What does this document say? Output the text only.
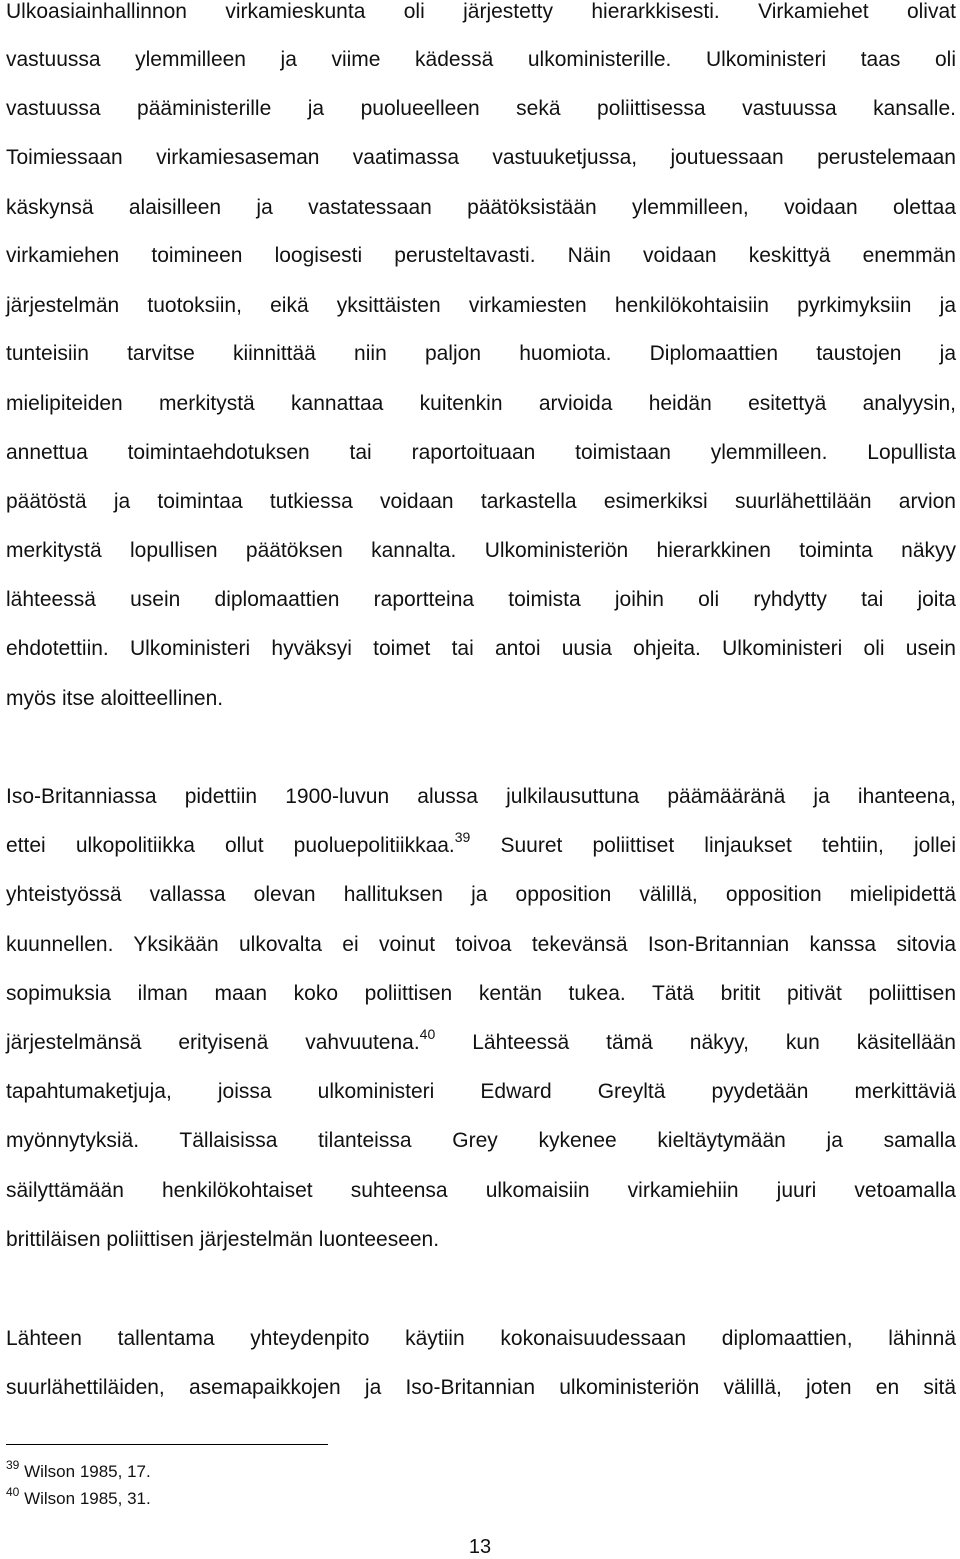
Ulkoasiainhallinnon virkamieskunta oli järjestetty hierarkkisesti. Virkamiehet olivat
vastuussa ylemmilleen ja viime kädessä ulkoministerille. Ulkoministeri taas oli
vastuussa pääministerille ja puolueelleen sekä poliittisessa vastuussa kansalle.
Toimiessaan virkamiesaseman vaatimassa vastuuketjussa, joutuessaan perustelemaan
käskynsä alaisilleen ja vastatessaan päätöksistään ylemmilleen, voidaan olettaa
virkamiehen toimineen loogisesti perusteltavasti. Näin voidaan keskittyä enemmän
järjestelmän tuotoksiin, eikä yksittäisten virkamiesten henkilökohtaisiin pyrkimyksiin ja
tunteisiin tarvitse kiinnittää niin paljon huomiota. Diplomaattien taustojen ja
mielipiteiden merkitystä kannattaa kuitenkin arvioida heidän esitettyä analyysin,
annettua toimintaehdotuksen tai raportoituaan toimistaan ylemmilleen. Lopullista
päätöstä ja toimintaa tutkiessa voidaan tarkastella esimerkiksi suurlähettilään arvion
merkitystä lopullisen päätöksen kannalta. Ulkoministeriön hierarkkinen toiminta näkyy
lähteessä usein diplomaattien raportteina toimista joihin oli ryhdytty tai joita
ehdotettiin. Ulkoministeri hyväksyi toimet tai antoi uusia ohjeita. Ulkoministeri oli usein
myös itse aloitteellinen.
Iso-Britanniassa pidettiin 1900-luvun alussa julkilausuttuna päämääränä ja ihanteena,
ettei ulkopolitiikka ollut puoluepolitiikkaa.$^{39}$ Suuret poliittiset linjaukset tehtiin, jollei
yhteistyössä vallassa olevan hallituksen ja opposition välillä, opposition mielipidettä
kuunnellen. Yksikään ulkovalta ei voinut toivoa tekevänsä Ison-Britannian kanssa sitovia
sopimuksia ilman maan koko poliittisen kentän tukea. Tätä britit pitivät poliittisen
järjestelmänsä erityisenä vahvuutena.$^{40}$ Lähteessä tämä näkyy, kun käsitellään
tapahtumaketjuja, joissa ulkoministeri Edward Greyltä pyydetään merkittäviä
myönnytyksiä. Tällaisissa tilanteissa Grey kykenee kieltäytymään ja samalla
säilyttämään henkilökohtaiset suhteensa ulkomaisiin virkamiehiin juuri vetoamalla
brittiläisen poliittisen järjestelmän luonteeseen.
Lähteen tallentama yhteydenpito käytiin kokonaisuudessaan diplomaattien, lähinnä
suurlähettiläiden, asemapaikkojen ja Iso-Britannian ulkoministeriön välillä, joten en sitä
$^{39}$ Wilson 1985, 17.
$^{40}$ Wilson 1985, 31.
13
